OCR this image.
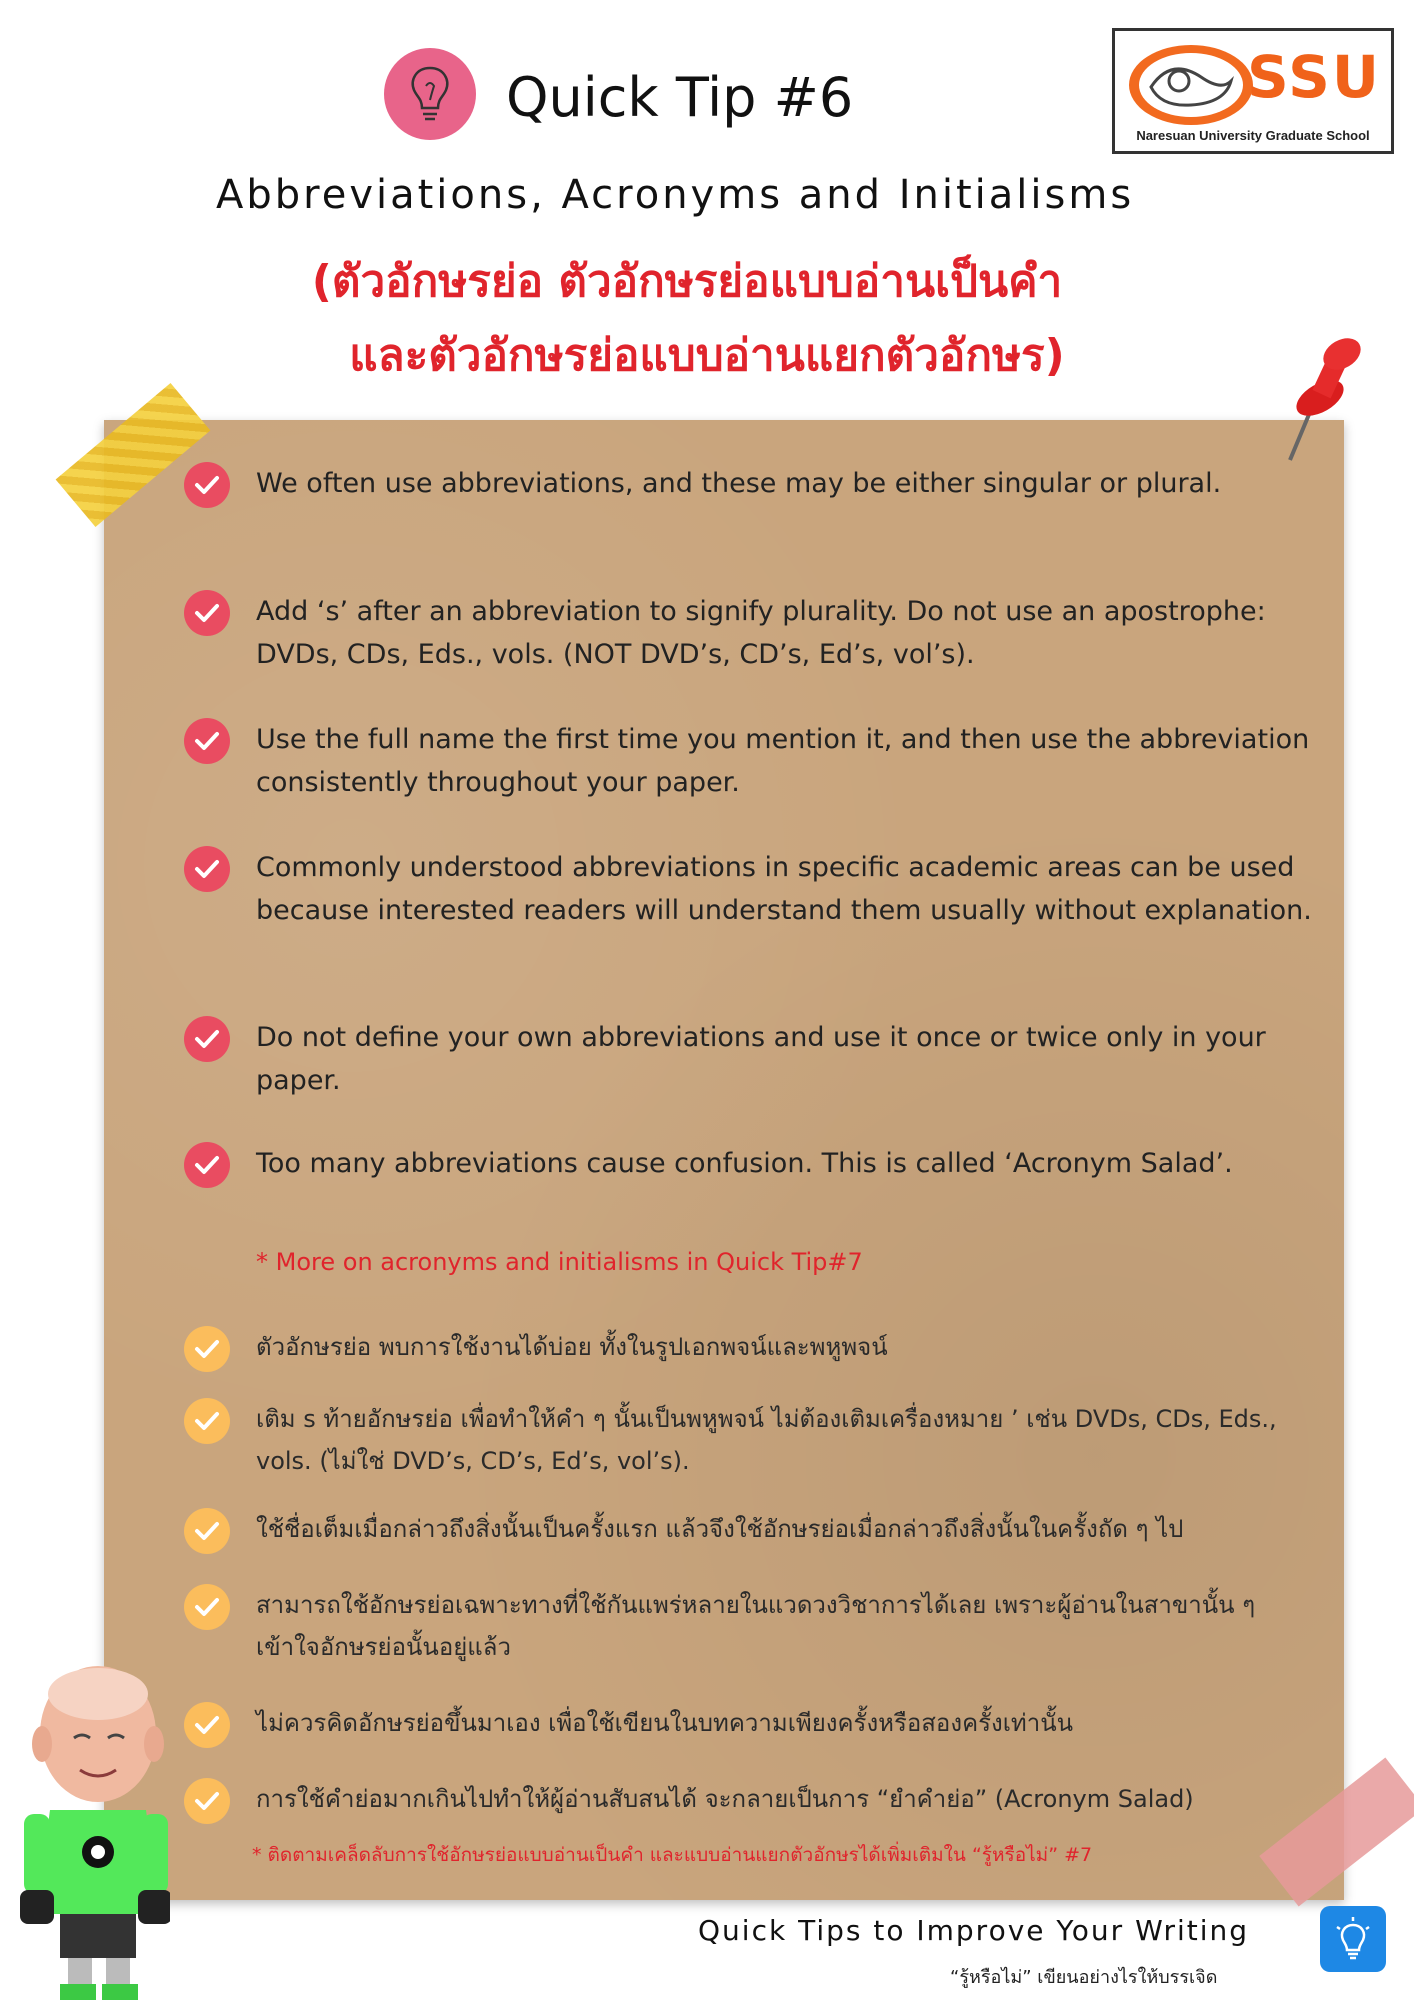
Quick Tip #6	SSU
Naresuan University Graduate School
Abbreviations, Acronyms and Initialisms
(ตัวอักษรย่อ ตัวอักษรย่อแบบอ่านเป็นคำ
และตัวอักษรย่อแบบอ่านแยกตัวอักษร)
We often use abbreviations, and these may be either singular or plural.
Add ‘s’ after an abbreviation to signify plurality. Do not use an apostrophe: DVDs, CDs, Eds., vols. (NOT DVD’s, CD’s, Ed’s, vol’s).
Use the full name the first time you mention it, and then use the abbreviation consistently throughout your paper.
Commonly understood abbreviations in specific academic areas can be used because interested readers will understand them usually without explanation.
Do not define your own abbreviations and use it once or twice only in your paper.
Too many abbreviations cause confusion. This is called ‘Acronym Salad’.
* More on acronyms and initialisms in Quick Tip#7
ตัวอักษรย่อ พบการใช้งานได้บ่อย ทั้งในรูปเอกพจน์และพหูพจน์
เติม s ท้ายอักษรย่อ เพื่อทำให้คำ ๆ นั้นเป็นพหูพจน์ ไม่ต้องเติมเครื่องหมาย ’ เช่น DVDs, CDs, Eds., vols. (ไม่ใช่ DVD’s, CD’s, Ed’s, vol’s).
ใช้ชื่อเต็มเมื่อกล่าวถึงสิ่งนั้นเป็นครั้งแรก แล้วจึงใช้อักษรย่อเมื่อกล่าวถึงสิ่งนั้นในครั้งถัด ๆ ไป
สามารถใช้อักษรย่อเฉพาะทางที่ใช้กันแพร่หลายในแวดวงวิชาการได้เลย เพราะผู้อ่านในสาขานั้น ๆ เข้าใจอักษรย่อนั้นอยู่แล้ว
ไม่ควรคิดอักษรย่อขึ้นมาเอง เพื่อใช้เขียนในบทความเพียงครั้งหรือสองครั้งเท่านั้น
การใช้คำย่อมากเกินไปทำให้ผู้อ่านสับสนได้ จะกลายเป็นการ “ยำคำย่อ” (Acronym Salad)
* ติดตามเคล็ดลับการใช้อักษรย่อแบบอ่านเป็นคำ และแบบอ่านแยกตัวอักษรได้เพิ่มเติมใน “รู้หรือไม่” #7
Quick Tips to Improve Your Writing
“รู้หรือไม่” เขียนอย่างไรให้บรรเจิด
